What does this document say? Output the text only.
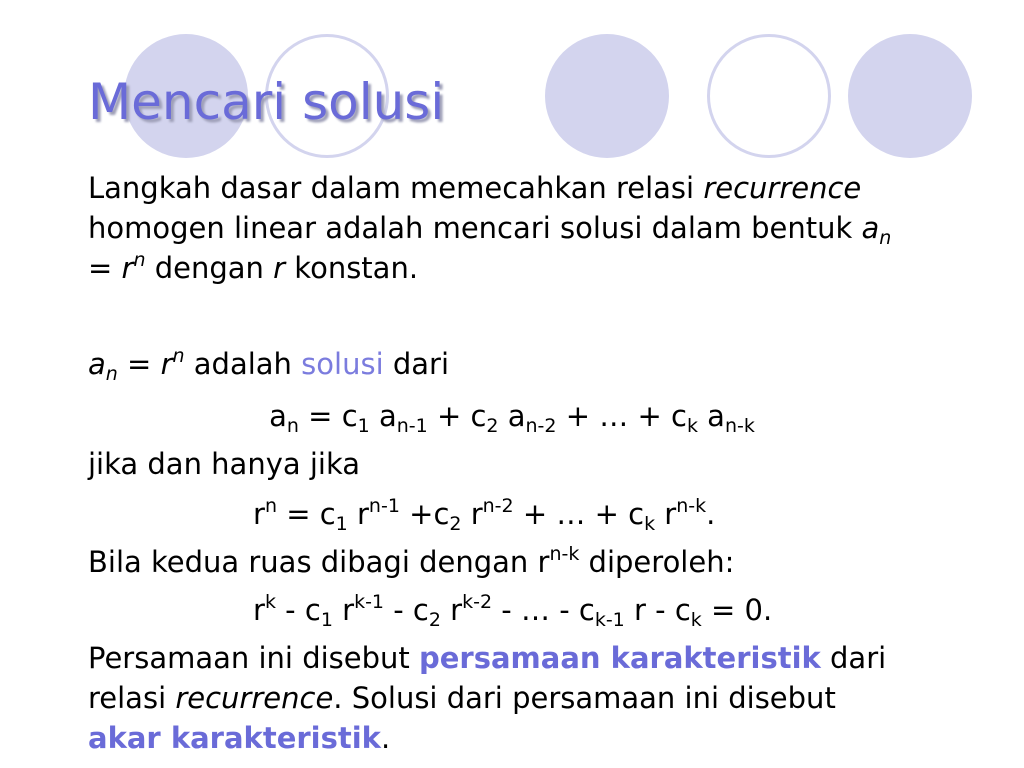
Mencari solusi
Langkah dasar dalam memecahkan relasi recurrence
homogen linear adalah mencari solusi dalam bentuk $a_n$
= $r^n$ dengan r konstan.
$a_n = r^n$ adalah solusi dari
$a_n = c_1$ $a_{n-1} + c_2$ $a_{n-2}$ + … + $c_k$ $a_{n-k}$
jika dan hanya jika
$r^n = c_1$ $r^{n-1} +c_2$ $r^{n-2}$ + … + $c_k$ $r^{n-k}$.
Bila kedua ruas dibagi dengan $r^{n-k}$ diperoleh:
$r^k - c_1$ $r^{k-1} - c_2$ $r^{k-2}$ - … - $c_{k-1}$ $r - c_k = 0$.
Persamaan ini disebut persamaan karakteristik dari
relasi recurrence. Solusi dari persamaan ini disebut
akar karakteristik.
